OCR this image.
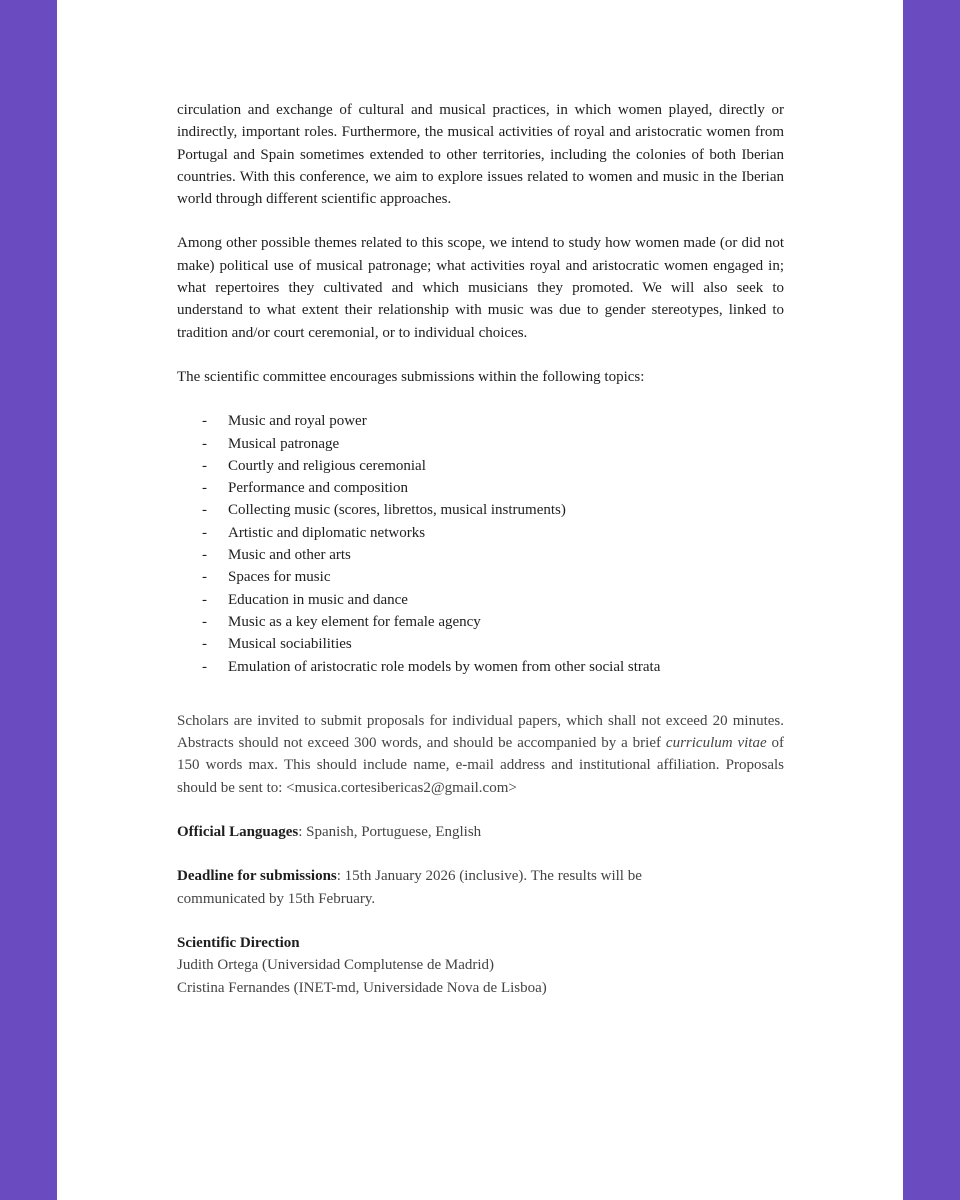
circulation and exchange of cultural and musical practices, in which women played, directly or indirectly, important roles. Furthermore, the musical activities of royal and aristocratic women from Portugal and Spain sometimes extended to other territories, including the colonies of both Iberian countries. With this conference, we aim to explore issues related to women and music in the Iberian world through different scientific approaches.

Among other possible themes related to this scope, we intend to study how women made (or did not make) political use of musical patronage; what activities royal and aristocratic women engaged in; what repertoires they cultivated and which musicians they promoted. We will also seek to understand to what extent their relationship with music was due to gender stereotypes, linked to tradition and/or court ceremonial, or to individual choices.

The scientific committee encourages submissions within the following topics:

- Music and royal power
- Musical patronage
- Courtly and religious ceremonial
- Performance and composition
- Collecting music (scores, librettos, musical instruments)
- Artistic and diplomatic networks
- Music and other arts
- Spaces for music
- Education in music and dance
- Music as a key element for female agency
- Musical sociabilities
- Emulation of aristocratic role models by women from other social strata

Scholars are invited to submit proposals for individual papers, which shall not exceed 20 minutes. Abstracts should not exceed 300 words, and should be accompanied by a brief curriculum vitae of 150 words max. This should include name, e-mail address and institutional affiliation. Proposals should be sent to: <musica.cortesibericas2@gmail.com>

Official Languages: Spanish, Portuguese, English

Deadline for submissions: 15th January 2026 (inclusive). The results will be
communicated by 15th February.

Scientific Direction
Judith Ortega (Universidad Complutense de Madrid)
Cristina Fernandes (INET-md, Universidade Nova de Lisboa)
